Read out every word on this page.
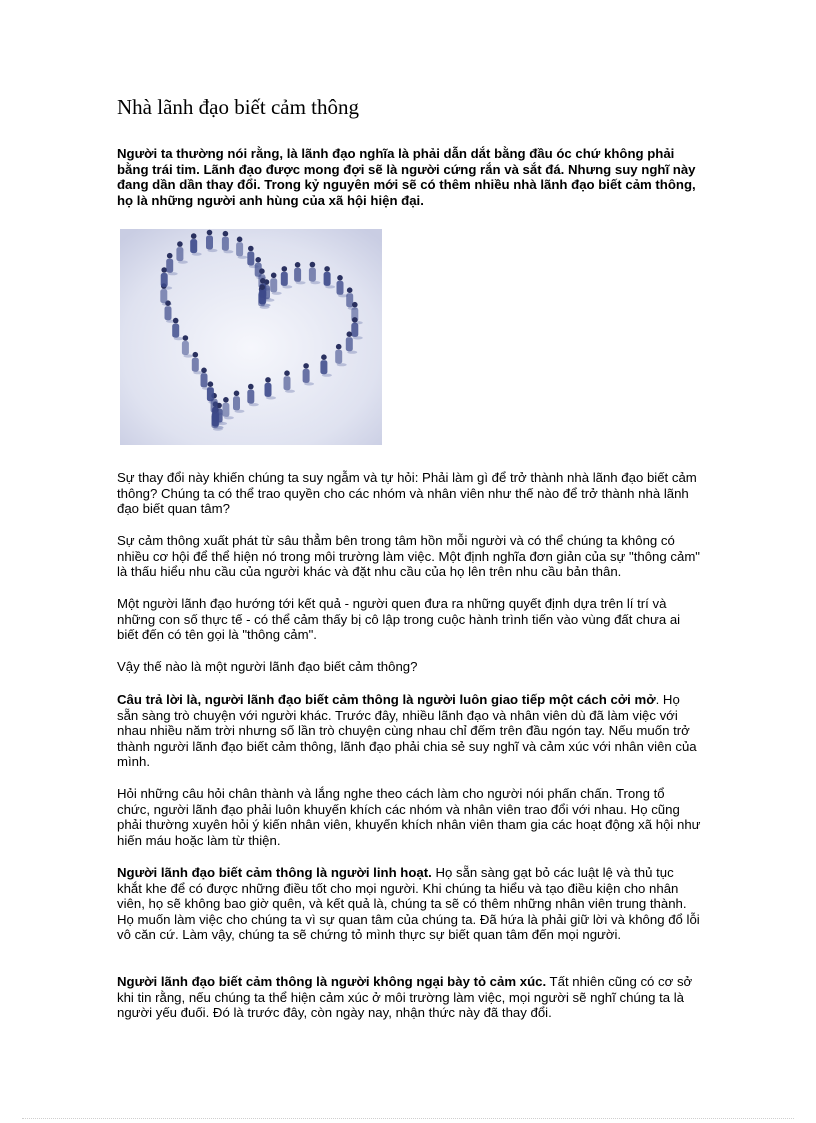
Nhà lãnh đạo biết cảm thông

Người ta thường nói rằng, là lãnh đạo nghĩa là phải dẫn dắt bằng đầu óc chứ không phải bằng trái tim. Lãnh đạo được mong đợi sẽ là người cứng rắn và sắt đá. Nhưng suy nghĩ này đang dần dần thay đổi. Trong kỷ nguyên mới sẽ có thêm nhiều nhà lãnh đạo biết cảm thông, họ là những người anh hùng của xã hội hiện đại.

Sự thay đổi này khiến chúng ta suy ngẫm và tự hỏi: Phải làm gì để trở thành nhà lãnh đạo biết cảm thông? Chúng ta có thể trao quyền cho các nhóm và nhân viên như thế nào để trở thành nhà lãnh đạo biết quan tâm?

Sự cảm thông xuất phát từ sâu thẳm bên trong tâm hồn mỗi người và có thể chúng ta không có nhiều cơ hội để thể hiện nó trong môi trường làm việc. Một định nghĩa đơn giản của sự "thông cảm" là thấu hiểu nhu cầu của người khác và đặt nhu cầu của họ lên trên nhu cầu bản thân.

Một người lãnh đạo hướng tới kết quả - người quen đưa ra những quyết định dựa trên lí trí và những con số thực tế - có thể cảm thấy bị cô lập trong cuộc hành trình tiến vào vùng đất chưa ai biết đến có tên gọi là "thông cảm".

Vậy thế nào là một người lãnh đạo biết cảm thông?

Câu trả lời là, người lãnh đạo biết cảm thông là người luôn giao tiếp một cách cởi mở. Họ sẵn sàng trò chuyện với người khác. Trước đây, nhiều lãnh đạo và nhân viên dù đã làm việc với nhau nhiều năm trời nhưng số lần trò chuyện cùng nhau chỉ đếm trên đầu ngón tay. Nếu muốn trở thành người lãnh đạo biết cảm thông, lãnh đạo phải chia sẻ suy nghĩ và cảm xúc với nhân viên của mình.

Hỏi những câu hỏi chân thành và lắng nghe theo cách làm cho người nói phấn chấn. Trong tổ chức, người lãnh đạo phải luôn khuyến khích các nhóm và nhân viên trao đổi với nhau. Họ cũng phải thường xuyên hỏi ý kiến nhân viên, khuyến khích nhân viên tham gia các hoạt động xã hội như hiến máu hoặc làm từ thiện.

Người lãnh đạo biết cảm thông là người linh hoạt. Họ sẵn sàng gạt bỏ các luật lệ và thủ tục khắt khe để có được những điều tốt cho mọi người. Khi chúng ta hiểu và tạo điều kiện cho nhân viên, họ sẽ không bao giờ quên, và kết quả là, chúng ta sẽ có thêm những nhân viên trung thành. Họ muốn làm việc cho chúng ta vì sự quan tâm của chúng ta. Đã hứa là phải giữ lời và không đổ lỗi vô căn cứ. Làm vậy, chúng ta sẽ chứng tỏ mình thực sự biết quan tâm đến mọi người.

Người lãnh đạo biết cảm thông là người không ngại bày tỏ cảm xúc. Tất nhiên cũng có cơ sở khi tin rằng, nếu chúng ta thể hiện cảm xúc ở môi trường làm việc, mọi người sẽ nghĩ chúng ta là người yếu đuối. Đó là trước đây, còn ngày nay, nhận thức này đã thay đổi.
